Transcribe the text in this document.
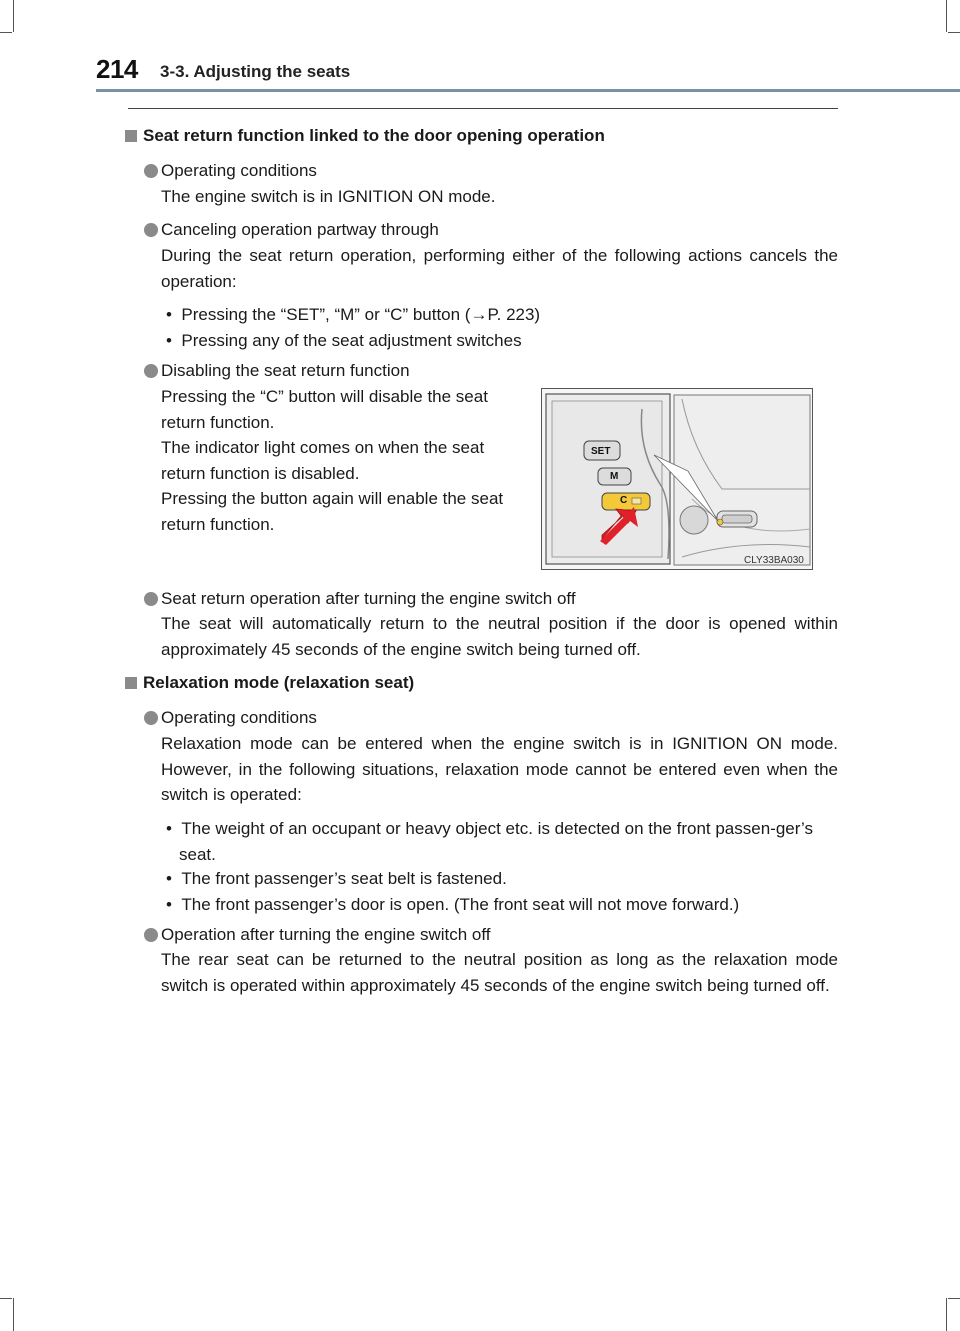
214 3-3. Adjusting the seats
Seat return function linked to the door opening operation
Operating conditions
The engine switch is in IGNITION ON mode.
Canceling operation partway through
During the seat return operation, performing either of the following actions cancels the operation:
•  Pressing the “SET”, “M” or “C” button (→P. 223)
•  Pressing any of the seat adjustment switches
Disabling the seat return function
Pressing the “C” button will disable the seat return function.
The indicator light comes on when the seat return function is disabled.
Pressing the button again will enable the seat return function.
SET
M
C
CLY33BA030
Seat return operation after turning the engine switch off
The seat will automatically return to the neutral position if the door is opened within approximately 45 seconds of the engine switch being turned off.
Relaxation mode (relaxation seat)
Operating conditions
Relaxation mode can be entered when the engine switch is in IGNITION ON mode. However, in the following situations, relaxation mode cannot be entered even when the switch is operated:
•  The weight of an occupant or heavy object etc. is detected on the front passen-ger’s seat.
•  The front passenger’s seat belt is fastened.
•  The front passenger’s door is open. (The front seat will not move forward.)
Operation after turning the engine switch off
The rear seat can be returned to the neutral position as long as the relaxation mode switch is operated within approximately 45 seconds of the engine switch being turned off.
